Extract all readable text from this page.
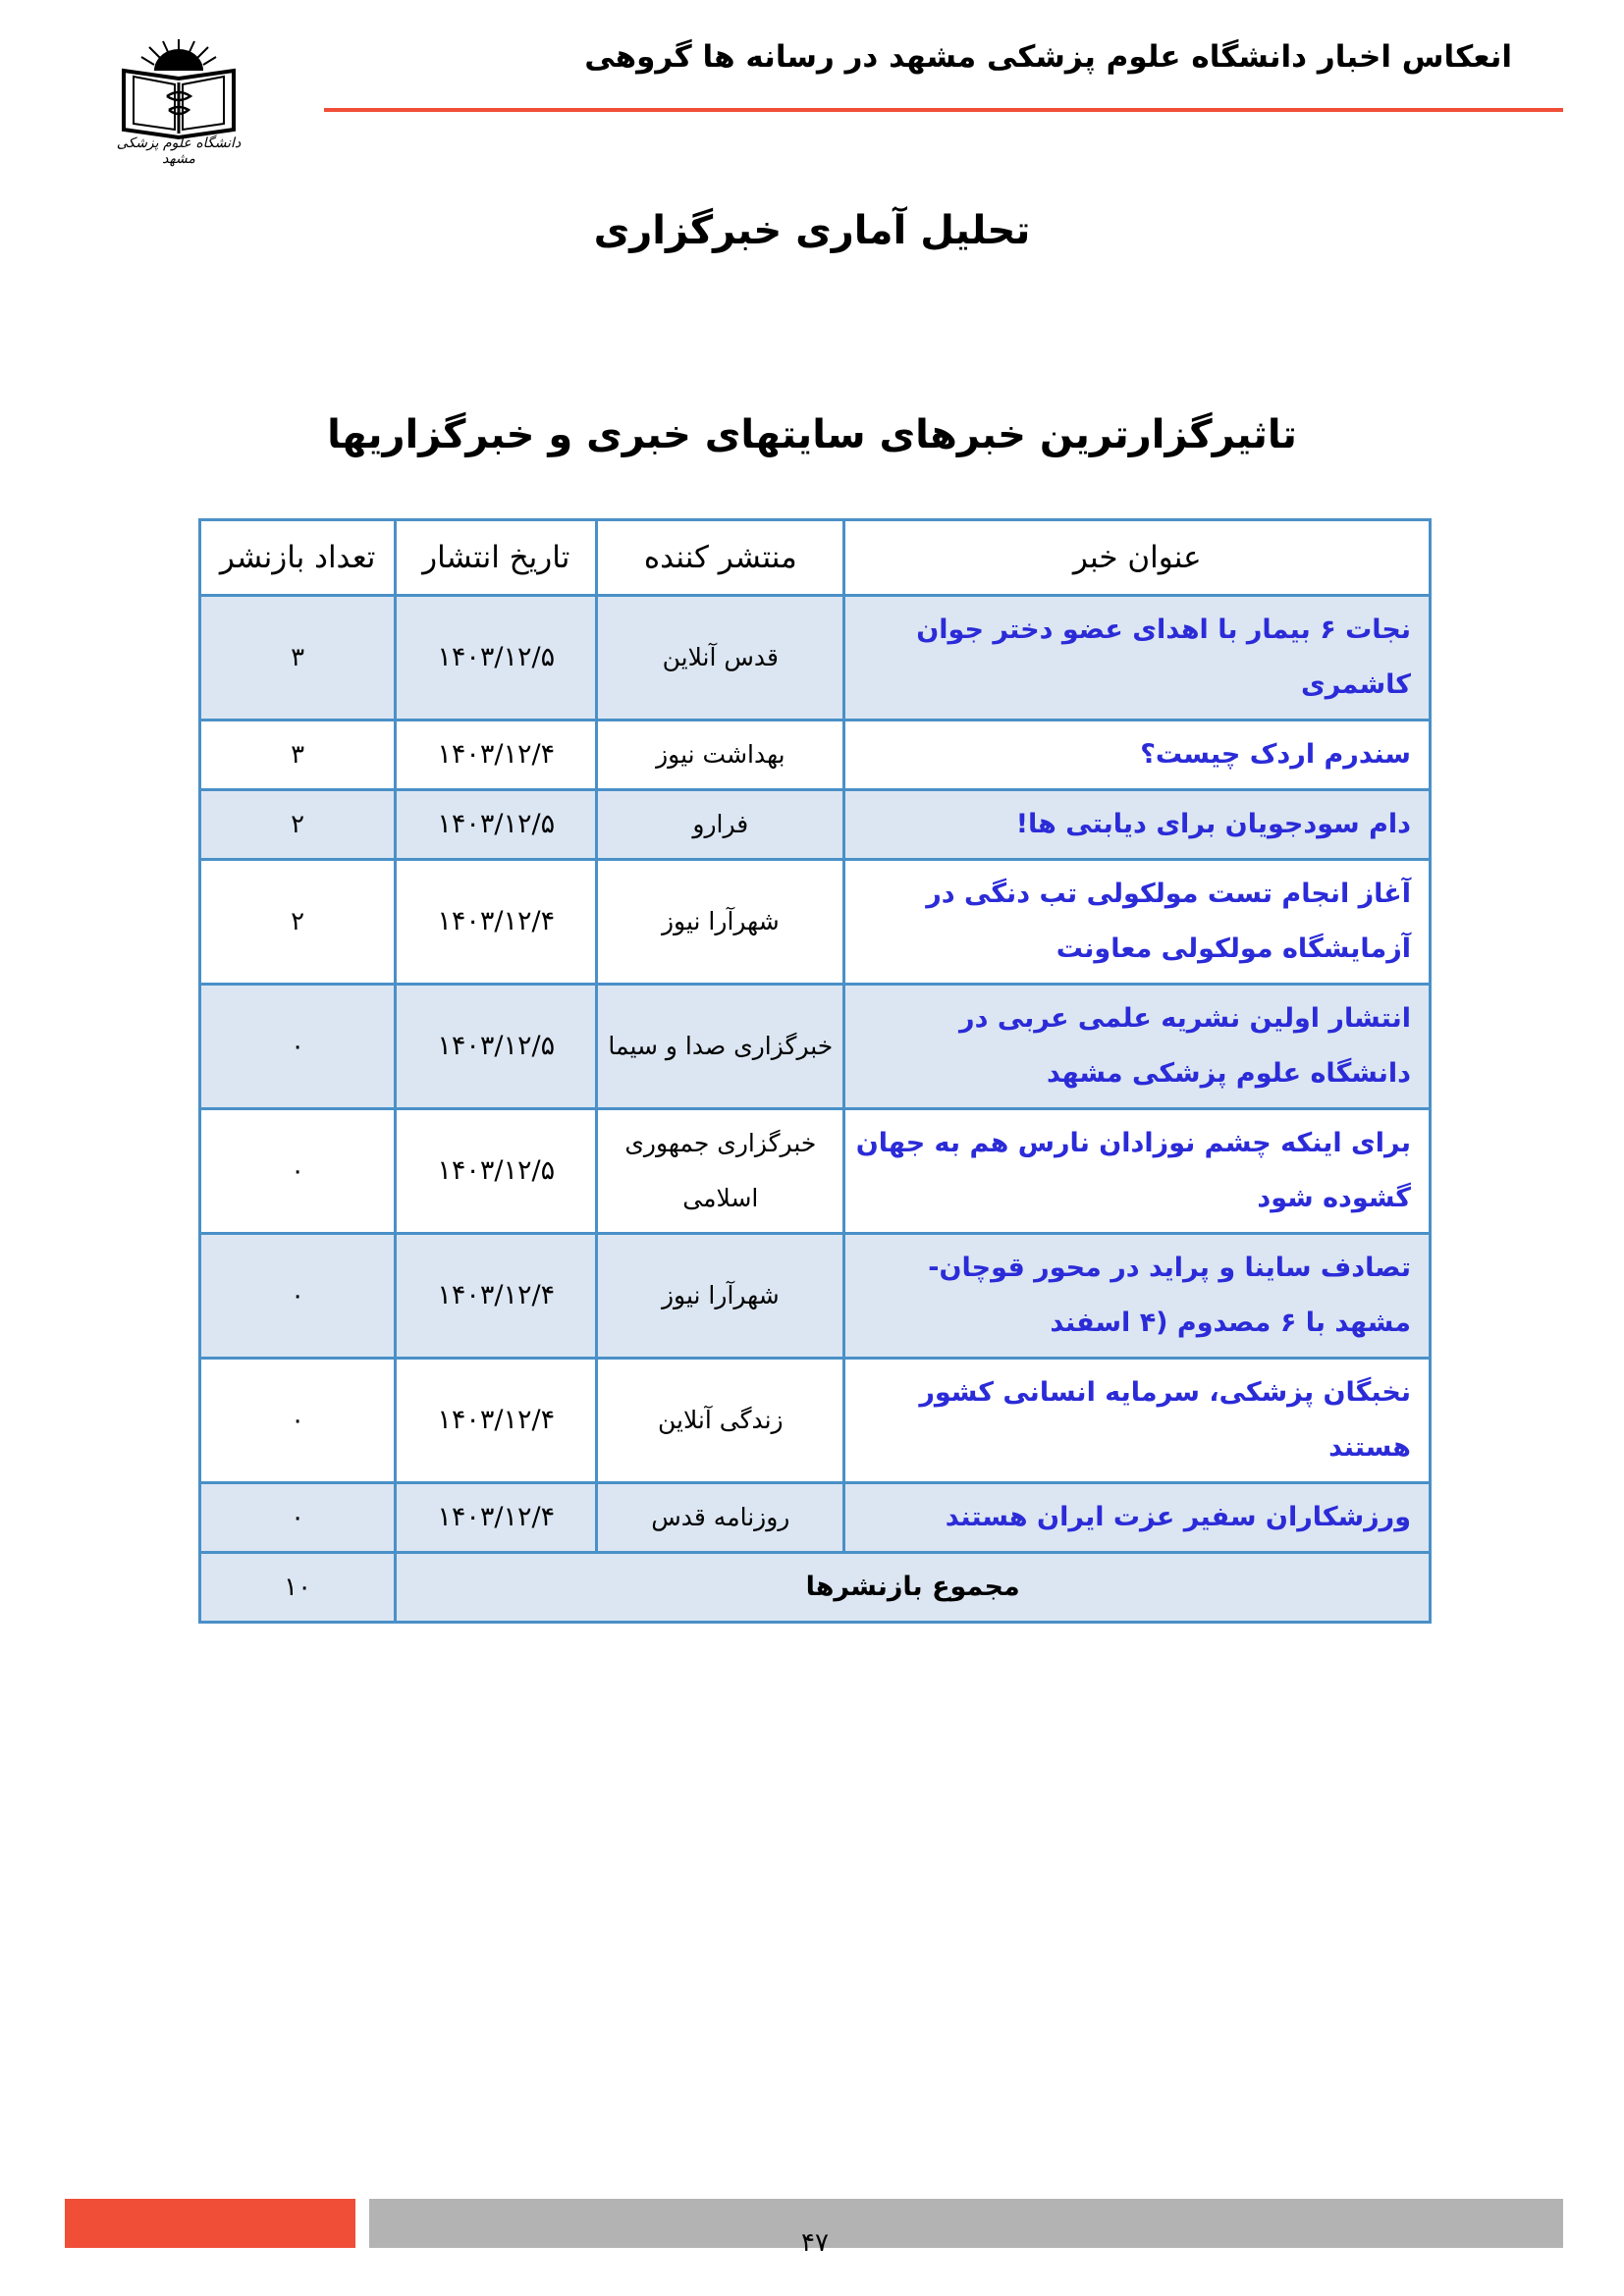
انعکاس اخبار دانشگاه علوم پزشکی مشهد در رسانه ها گروهی
دانشگاه علوم پزشکی مشهد
تحلیل آماری خبرگزاری
تاثیرگزارترین خبرهای سایتهای خبری و خبرگزاریها
عنوان خبر	منتشر کننده	تاریخ انتشار	تعداد بازنشر
نجات ۶ بیمار با اهدای عضو دختر جوان کاشمری	قدس آنلاین	۱۴۰۳/۱۲/۵	۳
سندرم اردک چیست؟	بهداشت نیوز	۱۴۰۳/۱۲/۴	۳
دام سودجویان برای دیابتی ها!	فرارو	۱۴۰۳/۱۲/۵	۲
آغاز انجام تست مولکولی تب دنگی در آزمایشگاه مولکولی معاونت	شهرآرا نیوز	۱۴۰۳/۱۲/۴	۲
انتشار اولین نشریه علمی عربی در دانشگاه علوم پزشکی مشهد	خبرگزاری صدا و سیما	۱۴۰۳/۱۲/۵	۰
برای اینکه چشم نوزادان نارس هم به جهان گشوده شود	خبرگزاری جمهوری اسلامی	۱۴۰۳/۱۲/۵	۰
تصادف ساینا و پراید در محور قوچان- مشهد با ۶ مصدوم (۴ اسفند	شهرآرا نیوز	۱۴۰۳/۱۲/۴	۰
نخبگان پزشکی، سرمایه انسانی کشور هستند	زندگی آنلاین	۱۴۰۳/۱۲/۴	۰
ورزشکاران سفیر عزت ایران هستند	روزنامه قدس	۱۴۰۳/۱۲/۴	۰
مجموع بازنشرها			۱۰
۴۷
